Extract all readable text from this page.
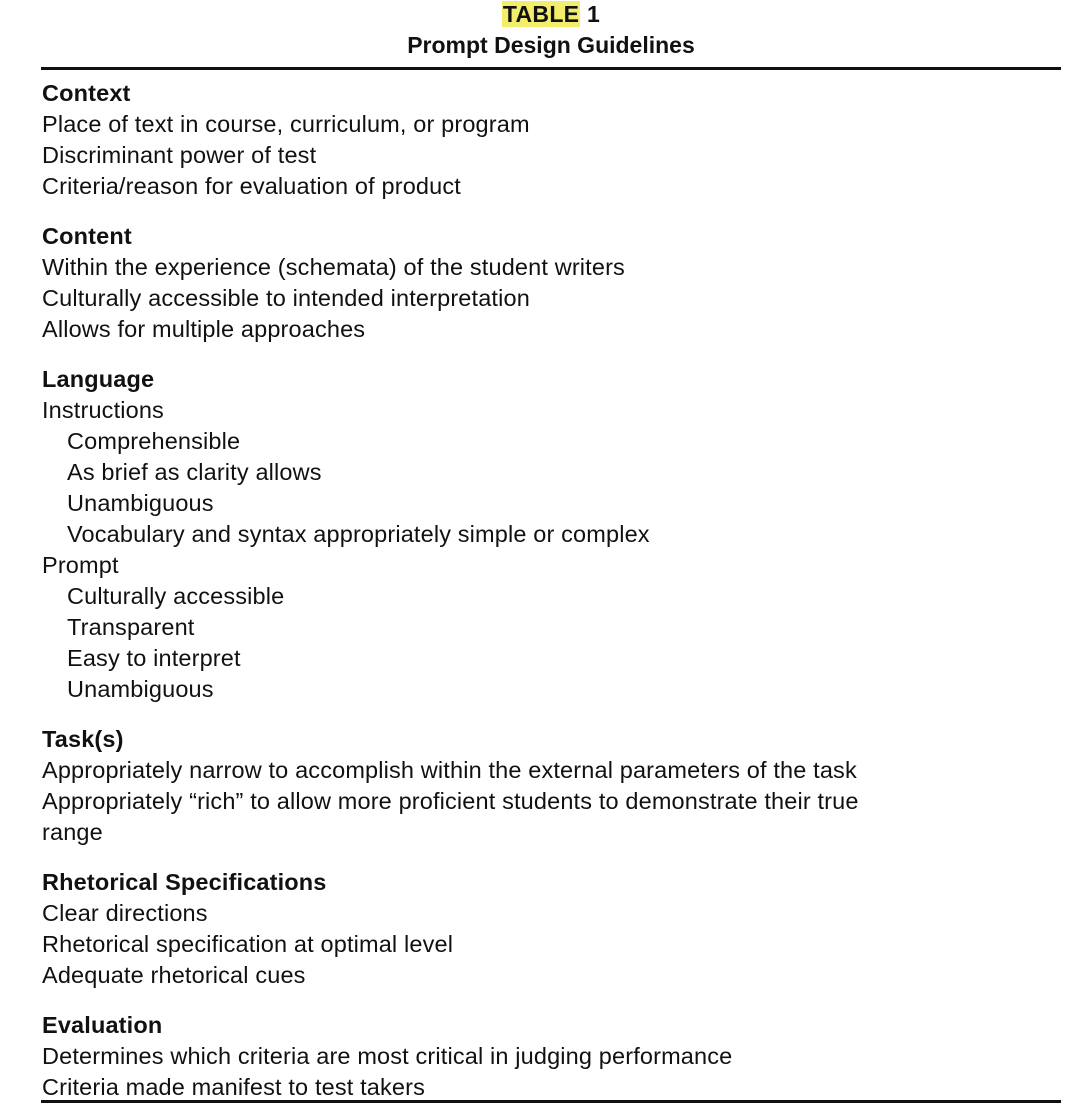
TABLE 1
Prompt Design Guidelines
Context
Place of text in course, curriculum, or program
Discriminant power of test
Criteria/reason for evaluation of product
Content
Within the experience (schemata) of the student writers
Culturally accessible to intended interpretation
Allows for multiple approaches
Language
Instructions
Comprehensible
As brief as clarity allows
Unambiguous
Vocabulary and syntax appropriately simple or complex
Prompt
Culturally accessible
Transparent
Easy to interpret
Unambiguous
Task(s)
Appropriately narrow to accomplish within the external parameters of the task
Appropriately “rich” to allow more proficient students to demonstrate their true
range
Rhetorical Specifications
Clear directions
Rhetorical specification at optimal level
Adequate rhetorical cues
Evaluation
Determines which criteria are most critical in judging performance
Criteria made manifest to test takers
